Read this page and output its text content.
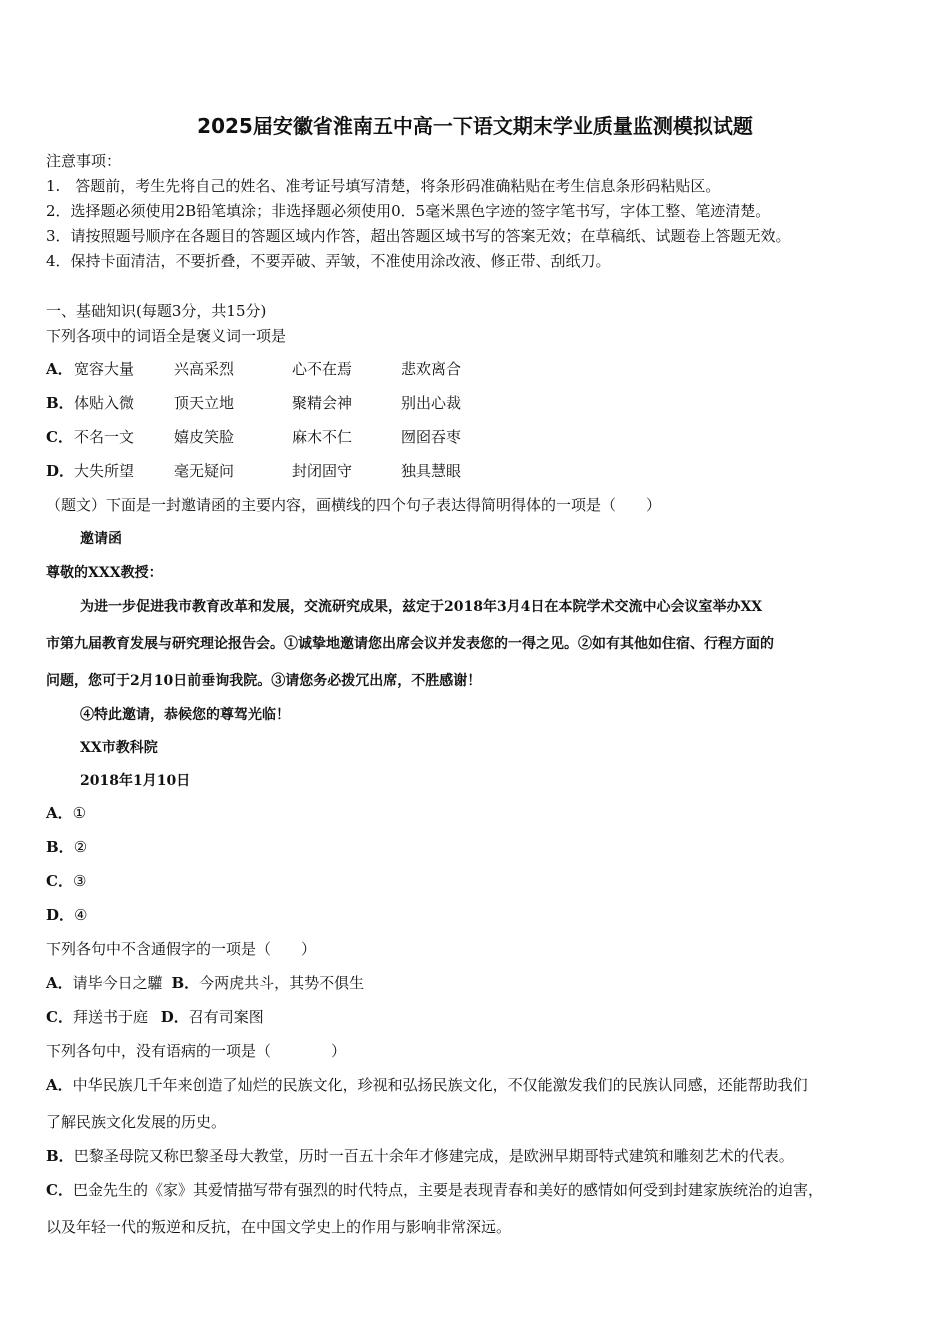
2025届安徽省淮南五中高一下语文期末学业质量监测模拟试题
注意事项：
1.　答题前，考生先将自己的姓名、准考证号填写清楚，将条形码准确粘贴在考生信息条形码粘贴区。
2．选择题必须使用2B铅笔填涂；非选择题必须使用0．5毫米黑色字迹的签字笔书写，字体工整、笔迹清楚。
3．请按照题号顺序在各题目的答题区域内作答，超出答题区域书写的答案无效；在草稿纸、试题卷上答题无效。
4．保持卡面清洁，不要折叠，不要弄破、弄皱，不准使用涂改液、修正带、刮纸刀。
一、基础知识(每题3分，共15分)
下列各项中的词语全是褒义词一项是
A． 宽容大量	兴高采烈	心不在焉	悲欢离合
B． 体贴入微	顶天立地	聚精会神	别出心裁
C． 不名一文	嬉皮笑脸	麻木不仁	囫囵吞枣
D． 大失所望	毫无疑问	封闭固守	独具慧眼
（题文）下面是一封邀请函的主要内容，画横线的四个句子表达得简明得体的一项是（　　）
邀请函
尊敬的XXX教授：
为进一步促进我市教育改革和发展，交流研究成果，兹定于2018年3月4日在本院学术交流中心会议室举办XX
市第九届教育发展与研究理论报告会。①诚挚地邀请您出席会议并发表您的一得之见。②如有其他如住宿、行程方面的
问题，您可于2月10日前垂询我院。③请您务必拨冗出席，不胜感谢！
④特此邀请，恭候您的尊驾光临！
XX市教科院
2018年1月10日
A．①
B．②
C．③
D．④
下列各句中不含通假字的一项是（　　）
A．请毕今日之驩 B．今两虎共斗，其势不俱生
C．拜送书于庭 D．召有司案图
下列各句中，没有语病的一项是（　　　　）
A．中华民族几千年来创造了灿烂的民族文化，珍视和弘扬民族文化，不仅能激发我们的民族认同感，还能帮助我们
了解民族文化发展的历史。
B．巴黎圣母院又称巴黎圣母大教堂，历时一百五十余年才修建完成，是欧洲早期哥特式建筑和雕刻艺术的代表。
C．巴金先生的《家》其爱情描写带有强烈的时代特点，主要是表现青春和美好的感情如何受到封建家族统治的迫害，
以及年轻一代的叛逆和反抗，在中国文学史上的作用与影响非常深远。
